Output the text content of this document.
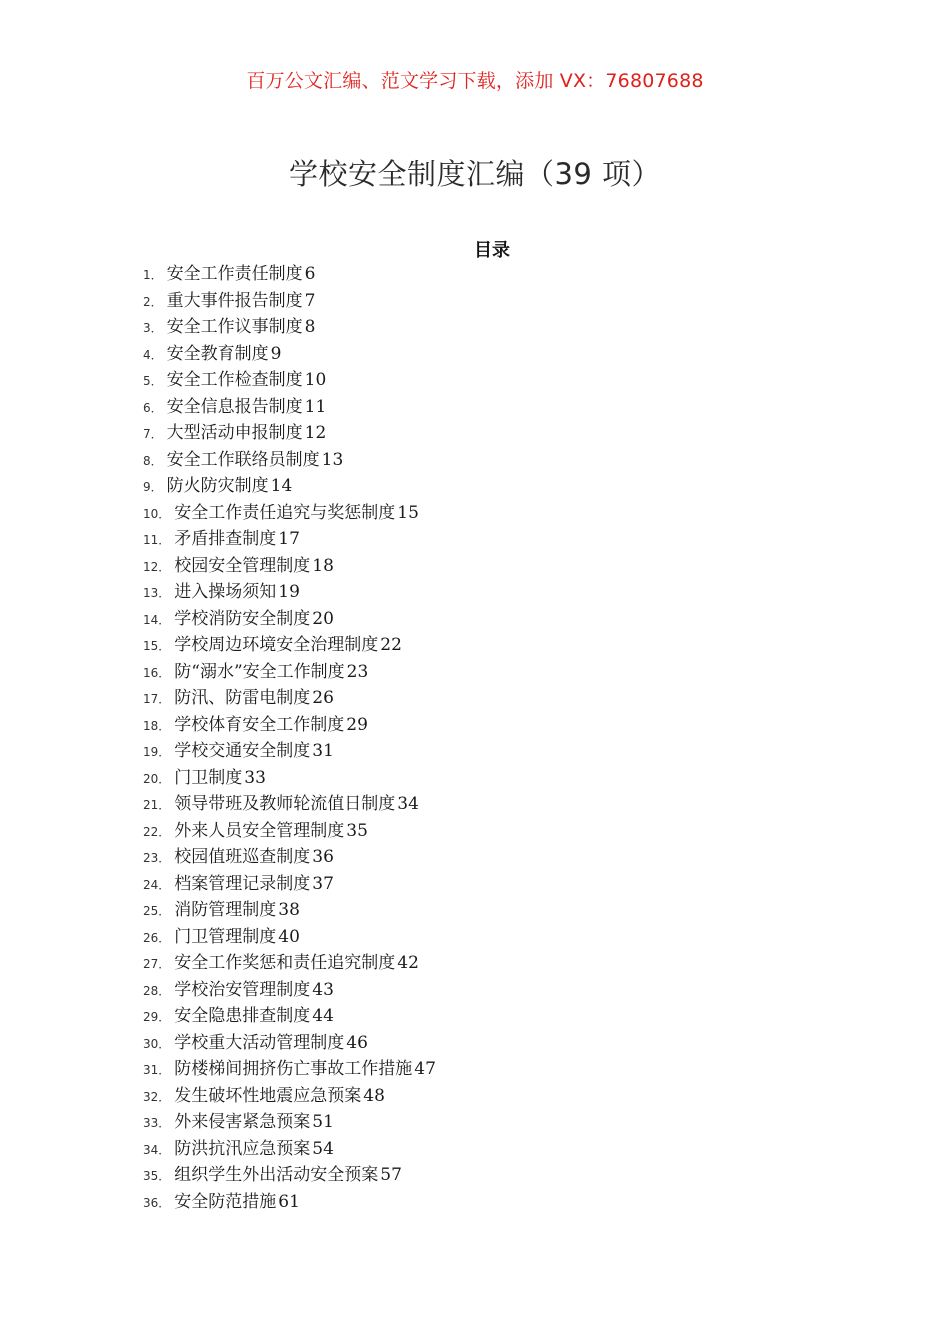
百万公文汇编、范文学习下载，添加 VX：76807688
学校安全制度汇编（39 项）
目录
1． 安全工作责任制度 6
2． 重大事件报告制度 7
3． 安全工作议事制度 8
4． 安全教育制度 9
5． 安全工作检查制度 10
6． 安全信息报告制度 11
7． 大型活动申报制度 12
8． 安全工作联络员制度 13
9． 防火防灾制度 14
10． 安全工作责任追究与奖惩制度 15
11． 矛盾排查制度 17
12． 校园安全管理制度 18
13． 进入操场须知 19
14． 学校消防安全制度 20
15． 学校周边环境安全治理制度 22
16． 防“溺水”安全工作制度 23
17． 防汛、防雷电制度 26
18． 学校体育安全工作制度 29
19． 学校交通安全制度 31
20． 门卫制度 33
21． 领导带班及教师轮流值日制度 34
22． 外来人员安全管理制度 35
23． 校园值班巡查制度 36
24． 档案管理记录制度 37
25． 消防管理制度 38
26． 门卫管理制度 40
27． 安全工作奖惩和责任追究制度 42
28． 学校治安管理制度 43
29． 安全隐患排查制度 44
30． 学校重大活动管理制度 46
31． 防楼梯间拥挤伤亡事故工作措施 47
32． 发生破坏性地震应急预案 48
33． 外来侵害紧急预案 51
34． 防洪抗汛应急预案 54
35． 组织学生外出活动安全预案 57
36． 安全防范措施 61
